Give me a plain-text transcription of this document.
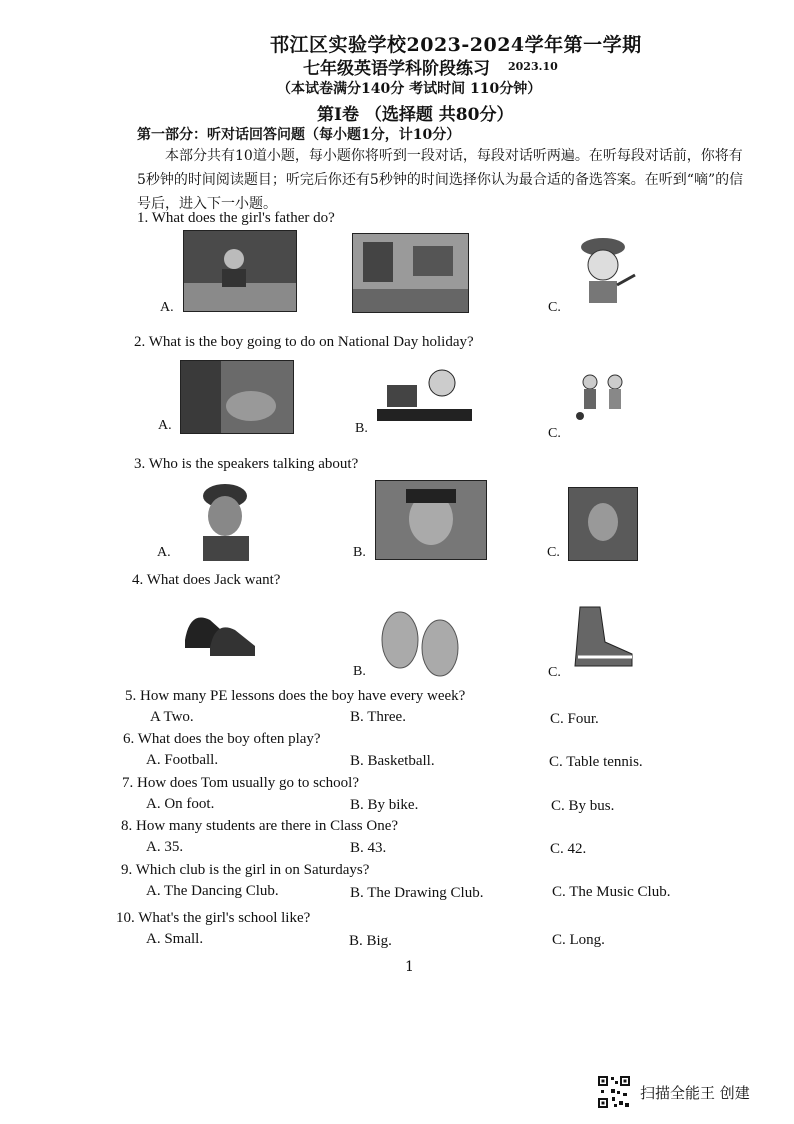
邗江区实验学校2023-2024学年第一学期
七年级英语学科阶段练习 2023.10
（本试卷满分140分 考试时间 110分钟）
第Ⅰ卷 （选择题 共80分）
第一部分：听对话回答问题（每小题1分，计10分）
本部分共有10道小题，每小题你将听到一段对话，每段对话听两遍。在听每段对话前，你将有5秒钟的时间阅读题目；听完后你还有5秒钟的时间选择你认为最合适的备选答案。在听到“嘀”的信号后，进入下一小题。
1. What does the girl's father do?
A.	C.
2. What is the boy going to do on National Day holiday?
A.	B.	C.
3. Who is the speakers talking about?
A.	B.	C.
4. What does Jack want?
B.	C.
5. How many PE lessons does the boy have every week?
A Two.	B. Three.	C. Four.
6. What does the boy often play?
A. Football.	B. Basketball.	C. Table tennis.
7. How does Tom usually go to school?
A. On foot.	B. By bike.	C. By bus.
8. How many students are there in Class One?
A. 35.	B. 43.	C. 42.
9. Which club is the girl in on Saturdays?
A. The Dancing Club.	B. The Drawing Club.	C. The Music Club.
10. What's the girl's school like?
A. Small.	B. Big.	C. Long.
1
扫描全能王 创建
